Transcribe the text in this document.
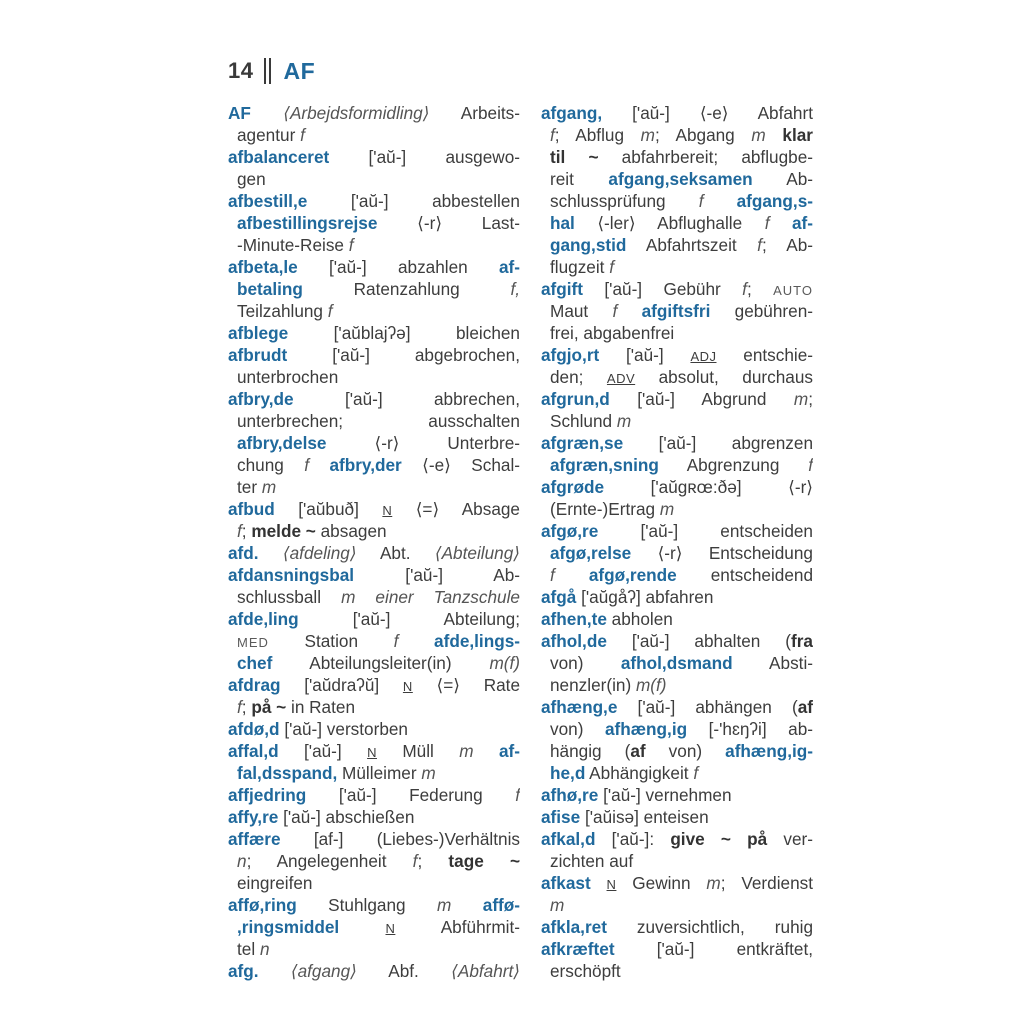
14 AF
AF ⟨Arbejdsformidling⟩ Arbeits-
agentur f
afbalanceret ['aŭ-] ausgewo-
gen
afbestill,e ['aŭ-] abbestellen
afbestillingsrejse ⟨-r⟩ Last-
-Minute-Reise f
afbeta,le ['aŭ-] abzahlen af-
betaling Ratenzahlung f,
Teilzahlung f
afblege ['aŭblajʔə] bleichen
afbrudt ['aŭ-] abgebrochen,
unterbrochen
afbry,de ['aŭ-] abbrechen,
unterbrechen; ausschalten
afbry,delse ⟨-r⟩ Unterbre-
chung f afbry,der ⟨-e⟩ Schal-
ter m
afbud ['aŭbuð] N ⟨=⟩ Absage
f; melde ~ absagen
afd. ⟨afdeling⟩ Abt. ⟨Abteilung⟩
afdansningsbal ['aŭ-] Ab-
schlussball m einer Tanzschule
afde,ling ['aŭ-] Abteilung;
MED Station f afde,lings-
chef Abteilungsleiter(in) m(f)
afdrag ['aŭdraʔŭ] N ⟨=⟩ Rate
f; på ~ in Raten
afdø,d ['aŭ-] verstorben
affal,d ['aŭ-] N Müll m af-
fal,dsspand, Mülleimer m
affjedring ['aŭ-] Federung f
affy,re ['aŭ-] abschießen
affære [af-] (Liebes-)Verhältnis
n; Angelegenheit f; tage ~
eingreifen
affø,ring Stuhlgang m affø-
,ringsmiddel	N Abführmit-
tel n
afg. ⟨afgang⟩ Abf. ⟨Abfahrt⟩
afgang, ['aŭ-] ⟨-e⟩ Abfahrt
f; Abflug m; Abgang m klar
til ~ abfahrbereit; abflugbe-
reit afgang,seksamen Ab-
schlussprüfung f afgang,s-
hal ⟨-ler⟩ Abflughalle f af-
gang,stid Abfahrtszeit f; Ab-
flugzeit f
afgift ['aŭ-] Gebühr f; AUTO
Maut f afgiftsfri gebühren-
frei, abgabenfrei
afgjo,rt ['aŭ-] ADJ entschie-
den; ADV absolut, durchaus
afgrun,d ['aŭ-] Abgrund m;
Schlund m
afgræn,se ['aŭ-] abgrenzen
afgræn,sning Abgrenzung f
afgrøde ['aŭgʀœ:ðə] ⟨-r⟩
(Ernte-)Ertrag m
afgø,re ['aŭ-] entscheiden
afgø,relse ⟨-r⟩ Entscheidung
f afgø,rende entscheidend
afgå ['aŭgåʔ] abfahren
afhen,te abholen
afhol,de ['aŭ-] abhalten (fra
von) afhol,dsmand Absti-
nenzler(in) m(f)
afhæng,e ['aŭ-] abhängen (af
von) afhæng,ig [-'hɛŋʔi] ab-
hängig (af von) afhæng,ig-
he,d Abhängigkeit f
afhø,re ['aŭ-] vernehmen
afise ['aŭisə] enteisen
afkal,d ['aŭ-]: give ~ på ver-
zichten auf
afkast N Gewinn m; Verdienst
m
afkla,ret zuversichtlich, ruhig
afkræftet ['aŭ-] entkräftet,
erschöpft
